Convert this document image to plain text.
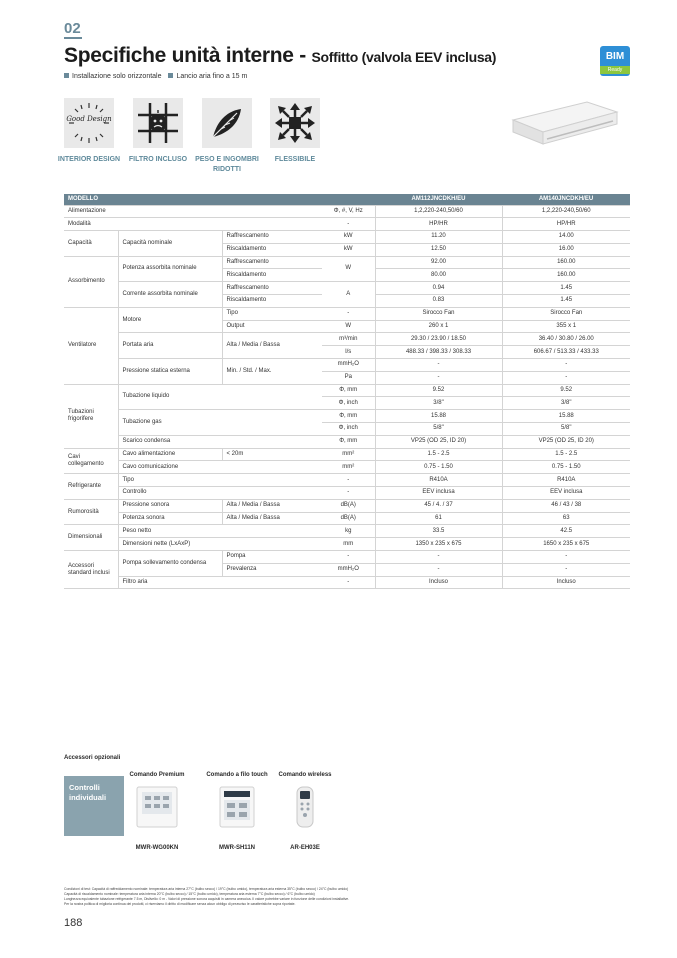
02
Specifiche unità interne - Soffitto (valvola EEV inclusa)	BIM
Ready
Installazione solo orizzontale Lancio aria fino a 15 m
Good Design
INTERIOR DESIGN	FILTRO INCLUSO	PESO E INGOMBRI RIDOTTI
FLESSIBILE
MODELLO				AM112JNCDKH/EU	AM140JNCDKH/EU
Alimentazione			Φ, #, V, Hz	1,2,220-240,50/60	1,2,220-240,50/60
Modalità			-	HP/HR	HP/HR
Capacità	Capacità nominale	Raffrescamento	kW	11.20	14.00
		Riscaldamento	kW	12.50	16.00
Assorbimento	Potenza assorbita nominale	Raffrescamento	W	92.00	160.00
		Riscaldamento		80.00	160.00
	Corrente assorbita nominale	Raffrescamento	A	0.94	1.45
		Riscaldamento		0.83	1.45
Ventilatore	Motore	Tipo	-	Sirocco Fan	Sirocco Fan
		Output	W	260 x 1	355 x 1
	Portata aria	Alta / Media / Bassa	m³/min	29.30 / 23.90 / 18.50	36.40 / 30.80 / 26.00
			l/s	488.33 / 398.33 / 308.33	606.67 / 513.33 / 433.33
	Pressione statica esterna	Min. / Std. / Max.	mmH₂O	-	-
			Pa	-	-
Tubazioni frigorifere	Tubazione liquido		Φ, mm	9.52	9.52
			Φ, inch	3/8"	3/8"
	Tubazione gas		Φ, mm	15.88	15.88
			Φ, inch	5/8"	5/8"
	Scarico condensa		Φ, mm	VP25 (OD 25, ID 20)	VP25 (OD 25, ID 20)
Cavi collegamento	Cavo alimentazione	< 20m	mm²	1.5 - 2.5	1.5 - 2.5
	Cavo comunicazione		mm²	0.75 - 1.50	0.75 - 1.50
Refrigerante	Tipo		-	R410A	R410A
	Controllo		-	EEV inclusa	EEV inclusa
Rumorosità	Pressione sonora	Alta / Media / Bassa	dB(A)	45 / 4. / 37	46 / 43 / 38
	Potenza sonora	Alta / Media / Bassa	dB(A)	61	63
Dimensionali	Peso netto		kg	33.5	42.5
	Dimensioni nette (LxAxP)		mm	1350 x 235 x 675	1650 x 235 x 675
Accessori standard inclusi	Pompa sollevamento condensa	Pompa	-	-	-
		Prevalenza	mmH₂O	-	-
	Filtro aria		-	Incluso	Incluso
Accessori opzionali
Controlli individuali
Comando Premium
MWR-WG00KN
Comando a filo touch
MWR-SH11N
Comando wireless
AR-EH03E
Condizioni di test: Capacità di raffreddamento nominale: temperatura aria interna 27°C (bulbo secco) / 19°C (bulbo umido), temperatura aria esterna 35°C (bulbo secco) / 24°C (bulbo umido)
Capacità di riscaldamento nominale: temperatura aria interna 20°C (bulbo secco) / 15°C (bulbo umido), temperatura aria esterna 7°C (bulbo secco) / 6°C (bulbo umido)
Lunghezza equivalente tubazione refrigerante 7.5 m, Dislivello: 0 m - Valori di pressione sonora acquisiti in camera anecoica. Il valore potrebbe variare in funzione delle condizioni installative.
Per la nostra politica di miglioria continua dei prodotti, ci riserviamo il diritto di modificare senza alcun obbligo di preavviso le caratteristiche sopra riportate.
188
